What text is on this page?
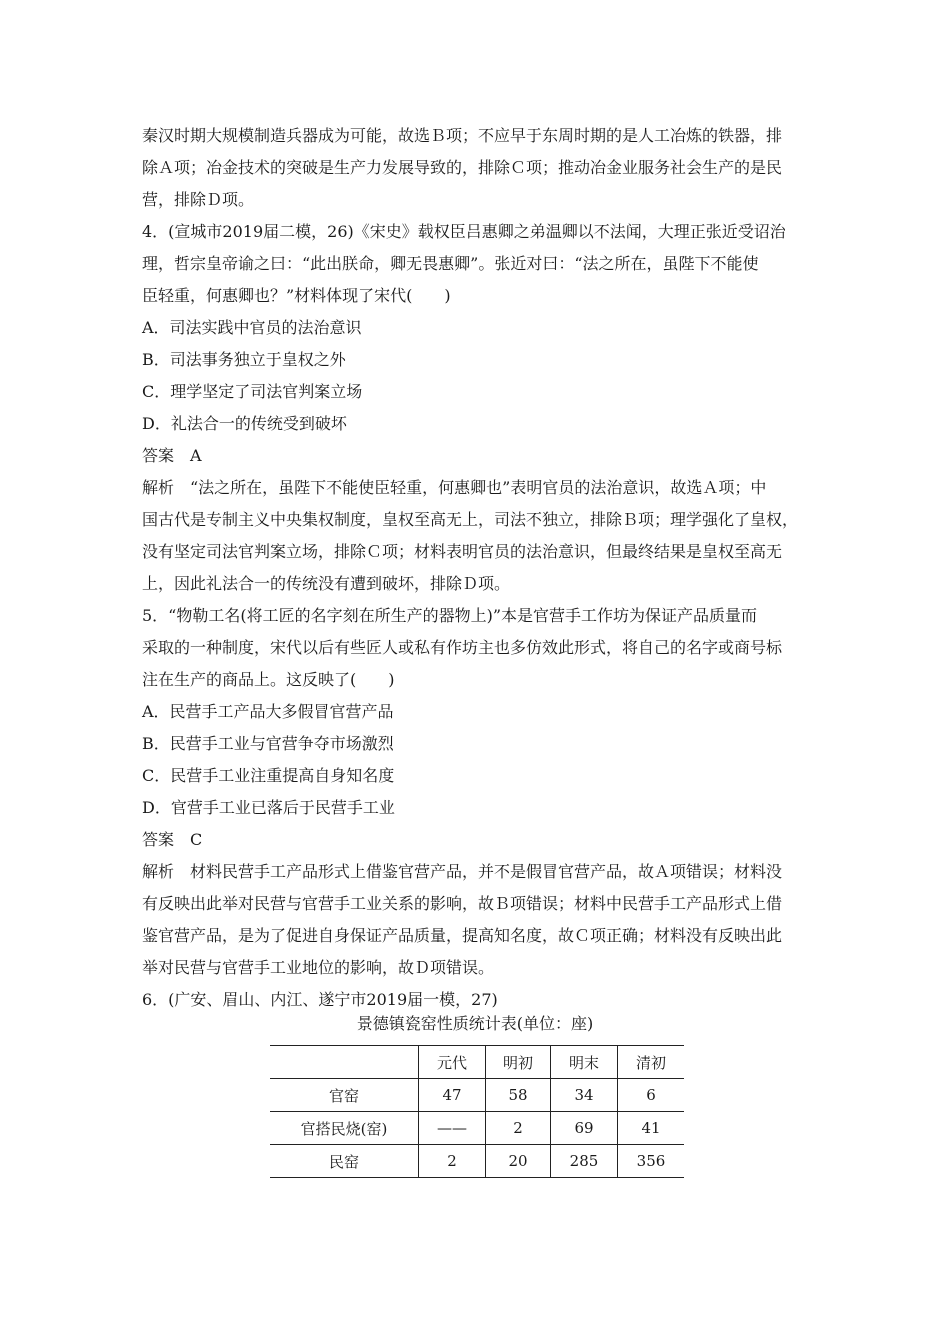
秦汉时期大规模制造兵器成为可能，故选Ｂ项；不应早于东周时期的是人工冶炼的铁器，排
除Ａ项；冶金技术的突破是生产力发展导致的，排除Ｃ项；推动冶金业服务社会生产的是民
营，排除Ｄ项。
4．(宣城市2019届二模，26)《宋史》载权臣吕惠卿之弟温卿以不法闻，大理正张近受诏治
理，哲宗皇帝谕之曰：“此出朕命，卿无畏惠卿”。张近对曰：“法之所在，虽陛下不能使
臣轻重，何惠卿也？”材料体现了宋代(　　)
A．司法实践中官员的法治意识
B．司法事务独立于皇权之外
C．理学坚定了司法官判案立场
D．礼法合一的传统受到破坏
答案　A
解析　“法之所在，虽陛下不能使臣轻重，何惠卿也”表明官员的法治意识，故选Ａ项；中
国古代是专制主义中央集权制度，皇权至高无上，司法不独立，排除Ｂ项；理学强化了皇权，
没有坚定司法官判案立场，排除Ｃ项；材料表明官员的法治意识，但最终结果是皇权至高无
上，因此礼法合一的传统没有遭到破坏，排除Ｄ项。
5．“物勒工名(将工匠的名字刻在所生产的器物上)”本是官营手工作坊为保证产品质量而
采取的一种制度，宋代以后有些匠人或私有作坊主也多仿效此形式，将自己的名字或商号标
注在生产的商品上。这反映了(　　)
A．民营手工产品大多假冒官营产品
B．民营手工业与官营争夺市场激烈
C．民营手工业注重提高自身知名度
D．官营手工业已落后于民营手工业
答案　C
解析　材料民营手工产品形式上借鉴官营产品，并不是假冒官营产品，故Ａ项错误；材料没
有反映出此举对民营与官营手工业关系的影响，故Ｂ项错误；材料中民营手工产品形式上借
鉴官营产品，是为了促进自身保证产品质量，提高知名度，故Ｃ项正确；材料没有反映出此
举对民营与官营手工业地位的影响，故Ｄ项错误。
6．(广安、眉山、内江、遂宁市2019届一模，27)
景德镇瓷窑性质统计表(单位：座)
	元代	明初	明末	清初
官窑	47	58	34	6
官搭民烧(窑)	——	2	69	41
民窑	2	20	285	356
